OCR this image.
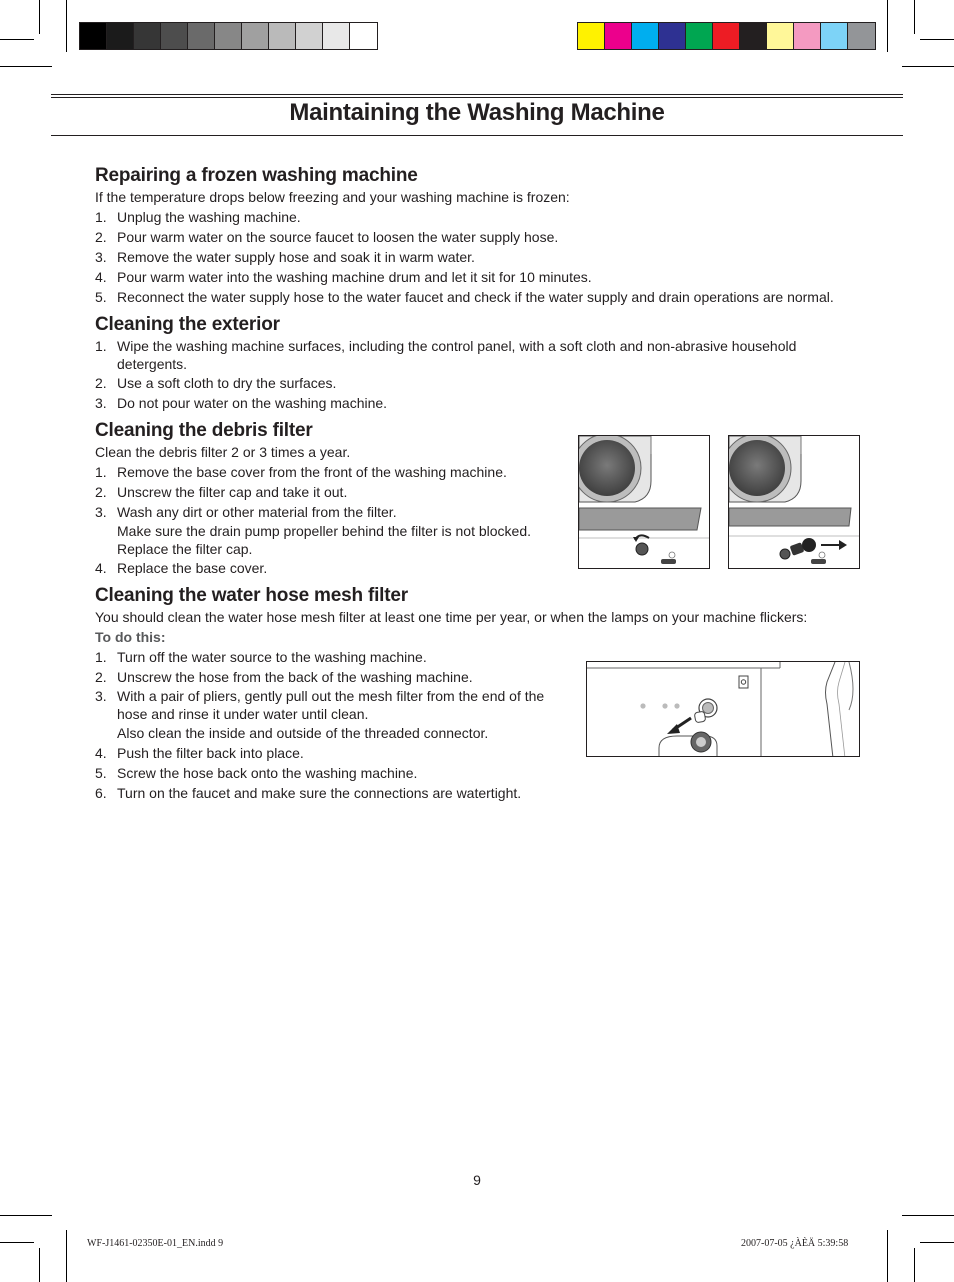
Maintaining the Washing Machine
Repairing a frozen washing machine

If the temperature drops below freezing and your washing machine is frozen:

1. Unplug the washing machine.
2. Pour warm water on the source faucet to loosen the water supply hose.
3. Remove the water supply hose and soak it in warm water.
4. Pour warm water into the washing machine drum and let it sit for 10 minutes.
5. Reconnect the water supply hose to the water faucet and check if the water supply and drain operations are normal.
Cleaning the exterior
1. Wipe the washing machine surfaces, including the control panel, with a soft cloth and non-abrasive household detergents.
2. Use a soft cloth to dry the surfaces.
3. Do not pour water on the washing machine.
Cleaning the debris filter

Clean the debris filter 2 or 3 times a year.

1. Remove the base cover from the front of the washing machine.
2. Unscrew the filter cap and take it out.
3. Wash any dirt or other material from the filter.
Make sure the drain pump propeller behind the filter is not blocked. Replace the filter cap.
4. Replace the base cover.
Cleaning the water hose mesh filter

You should clean the water hose mesh filter at least one time per year, or when the lamps on your machine flickers:

To do this:

1. Turn off the water source to the washing machine.
2. Unscrew the hose from the back of the washing machine.
3. With a pair of pliers, gently pull out the mesh filter from the end of the hose and rinse it under water until clean.
Also clean the inside and outside of the threaded connector.
4. Push the filter back into place.
5. Screw the hose back onto the washing machine.
6. Turn on the faucet and make sure the connections are watertight.
9
WF-J1461-02350E-01_EN.indd 9	2007-07-05 ¿ÀÈÄ 5:39:58
